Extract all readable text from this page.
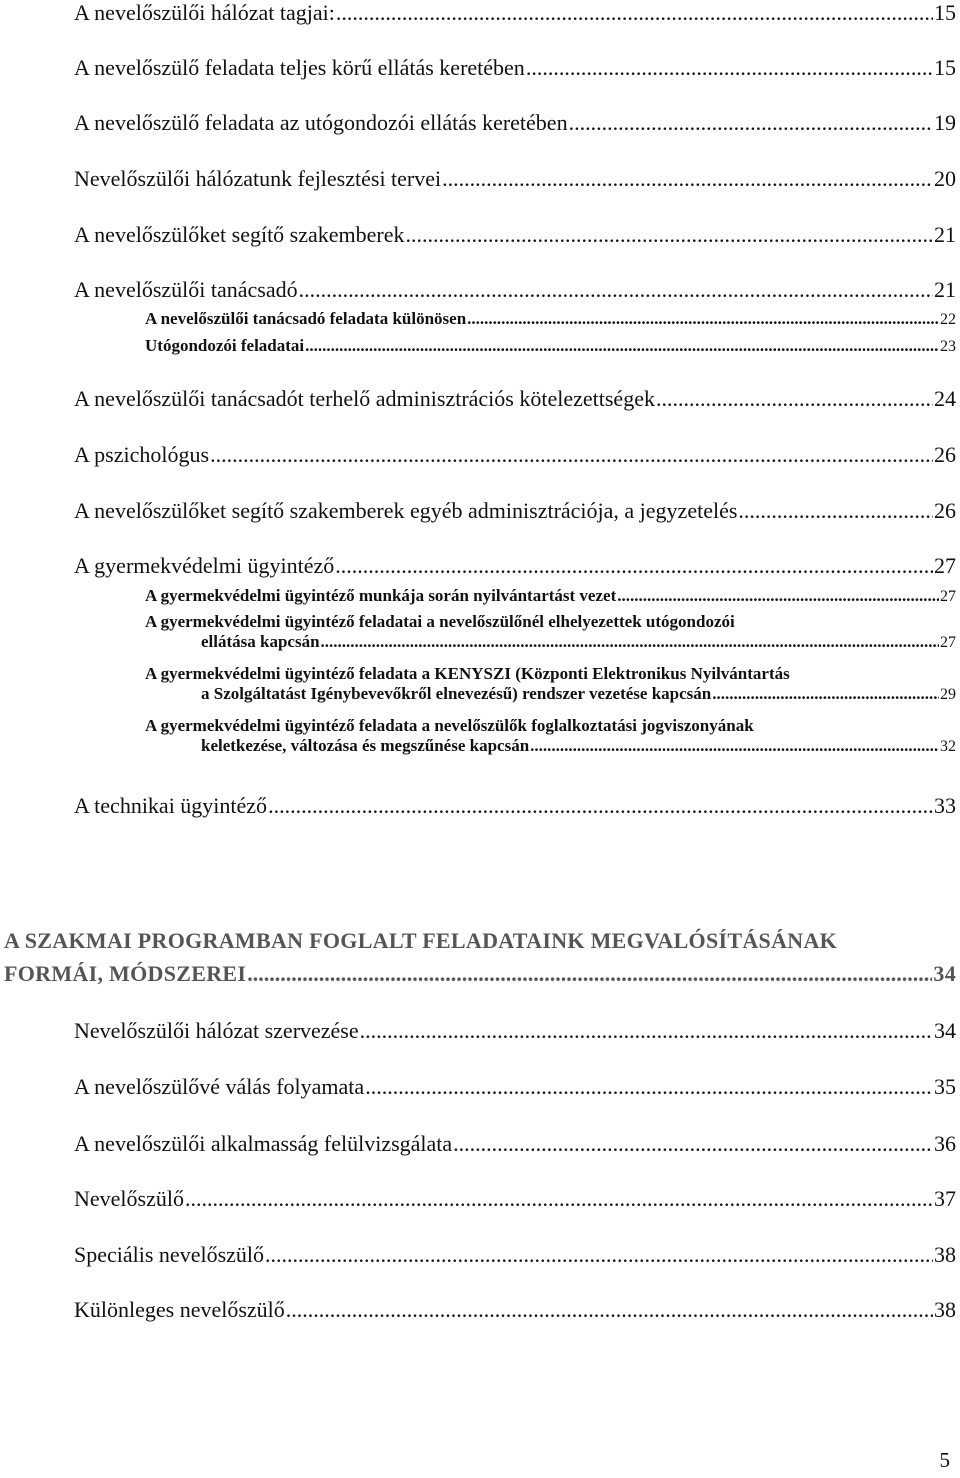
A nevelőszülői hálózat tagjai: .....	15
A nevelőszülő feladata teljes körű ellátás keretében .....	15
A nevelőszülő feladata az utógondozói ellátás keretében .....	19
Nevelőszülői hálózatunk fejlesztési tervei .....	20
A nevelőszülőket segítő szakemberek .....	21
A nevelőszülői tanácsadó .....	21
A nevelőszülői tanácsadó feladata különösen .....	22
Utógondozói feladatai .....	23
A nevelőszülői tanácsadót terhelő adminisztrációs kötelezettségek .....	24
A pszichológus .....	26
A nevelőszülőket segítő szakemberek egyéb adminisztrációja, a jegyzetelés .....	26
A gyermekvédelmi ügyintéző .....	27
A gyermekvédelmi ügyintéző munkája során nyilvántartást vezet .....	27
A gyermekvédelmi ügyintéző feladatai a nevelőszülőnél elhelyezettek utógondozói
ellátása kapcsán .....	27
A gyermekvédelmi ügyintéző feladata a KENYSZI (Központi Elektronikus Nyilvántartás
a Szolgáltatást Igénybevevőkről elnevezésű) rendszer vezetése kapcsán .....	29
A gyermekvédelmi ügyintéző feladata a nevelőszülők foglalkoztatási jogviszonyának
keletkezése, változása és megszűnése kapcsán .....	32
A technikai ügyintéző .....	33
A SZAKMAI PROGRAMBAN FOGLALT FELADATAINK MEGVALÓSÍTÁSÁNAK
FORMÁI, MÓDSZEREI .....	34
Nevelőszülői hálózat szervezése .....	34
A nevelőszülővé válás folyamata .....	35
A nevelőszülői alkalmasság felülvizsgálata .....	36
Nevelőszülő .....	37
Speciális nevelőszülő .....	38
Különleges nevelőszülő .....	38
5
